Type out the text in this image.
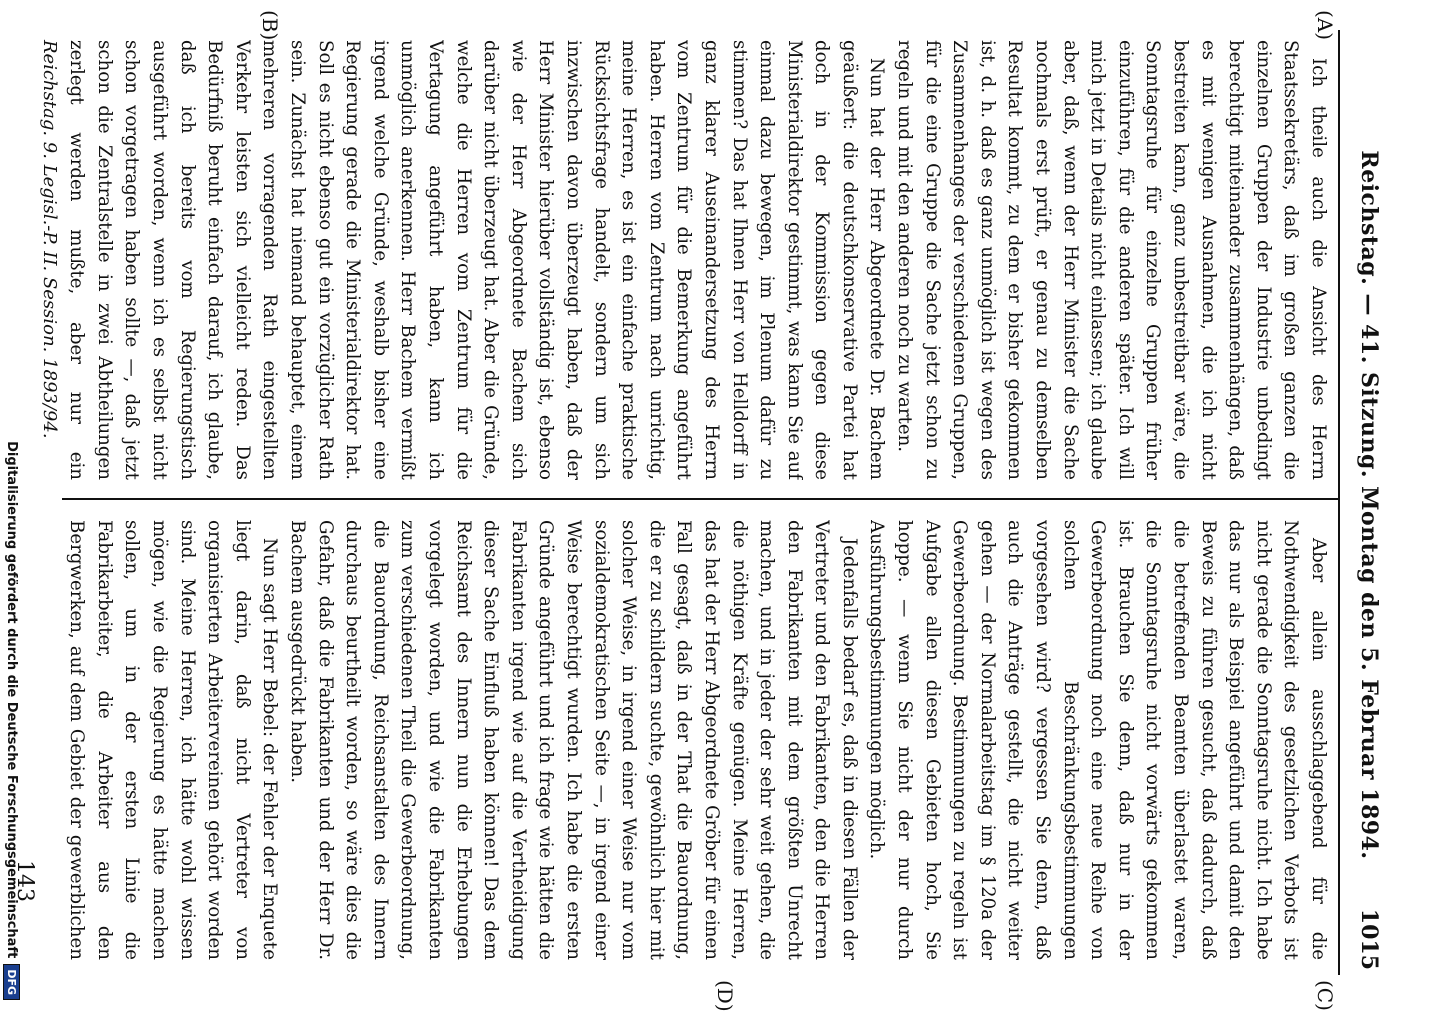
Reichstag. — 41. Sitzung. Montag den 5. Februar 1894.
1015
(C)
(D)
(A)
(B)

Aber allein ausschlaggebend für die Nothwendigkeit des gesetzlichen Verbots ist nicht gerade die Sonntagsruhe nicht. Ich habe das nur als Beispiel angeführt und damit den Beweis zu führen gesucht, daß dadurch, daß die betreffenden Beamten überlastet waren, die Sonntagsruhe nicht vorwärts gekommen ist. Brauchen Sie denn, daß nur in der Gewerbeordnung noch eine neue Reihe von solchen Beschränkungsbestimmungen vorgesehen wird? vergessen Sie denn, daß auch die Anträge gestellt, die nicht weiter gehen — der Normalarbeitstag im § 120a der Gewerbeordnung. Bestimmungen zu regeln ist Aufgabe allen diesen Gebieten hoch, Sie hoppe. — wenn Sie nicht der nur durch Ausführungsbestimmungen möglich.

Jedenfalls bedarf es, daß in diesen Fällen der Vertreter und den Fabrikanten, den die Herren den Fabrikanten mit dem größten Unrecht machen, und in jeder der sehr weit gehen, die die nöthigen Kräfte genügen. Meine Herren, das hat der Herr Abgeordnete Gröber für einen Fall gesagt, daß in der That die Bauordnung, die er zu schildern suchte, gewöhnlich hier mit solcher Weise, in irgend einer Weise nur vom sozialdemokratischen Seite —, in irgend einer Weise berechtigt wurden. Ich habe die ersten Gründe angeführt und ich frage wie hätten die Fabrikanten irgend wie auf die Vertheidigung dieser Sache Einfluß haben können! Das dem Reichsamt des Innern nun die Erhebungen vorgelegt worden, und wie die Fabrikanten zum verschiedenen Theil die Gewerbeordnung, die Bauordnung, Reichsanstalten des Innern durchaus beurtheilt worden, so wäre dies die Gefahr, daß die Fabrikanten und der Herr Dr. Bachem ausgedrückt haben.

Nun sagt Herr Bebel: der Fehler der Enquete liegt darin, daß nicht Vertreter von organisierten Arbeitervereinen gehört worden sind. Meine Herren, ich hätte wohl wissen mögen, wie die Regierung es hätte machen sollen, um in der ersten Linie die Fabrikarbeiter, die Arbeiter aus den Bergwerken, auf dem Gebiet der gewerblichen

Ich theile auch die Ansicht des Herrn Staatssekretärs, daß im großen ganzen die einzelnen Gruppen der Industrie unbedingt berechtigt miteinander zusammenhängen, daß es mit wenigen Ausnahmen, die ich nicht bestreiten kann, ganz unbestreitbar wäre, die Sonntagsruhe für einzelne Gruppen früher einzuführen, für die anderen später. Ich will mich jetzt in Details nicht einlassen; ich glaube aber, daß, wenn der Herr Minister die Sache nochmals erst prüft, er genau zu demselben Resultat kommt, zu dem er bisher gekommen ist, d. h. daß es ganz unmöglich ist wegen des Zusammenhanges der verschiedenen Gruppen, für die eine Gruppe die Sache jetzt schon zu regeln und mit den anderen noch zu warten.

Nun hat der Herr Abgeordnete Dr. Bachem geäußert: die deutschkonservative Partei hat doch in der Kommission gegen diese Ministerialdirektor gestimmt, was kann Sie auf einmal dazu bewegen, im Plenum dafür zu stimmen? Das hat Ihnen Herr von Helldorff in ganz klarer Auseinandersetzung des Herrn vom Zentrum für die Bemerkung angeführt haben. Herren vom Zentrum nach unrichtig, meine Herren, es ist ein einfache praktische Rücksichtsfrage handelt, sondern um sich inzwischen davon überzeugt haben, daß der Herr Minister hierüber vollständig ist, ebenso wie der Herr Abgeordnete Bachem sich darüber nicht überzeugt hat. Aber die Gründe, welche die Herren vom Zentrum für die Vertagung angeführt haben, kann ich unmöglich anerkennen. Herr Bachem vermißt irgend welche Gründe, weshalb bisher eine Regierung gerade die Ministerialdirektor hat. Soll es nicht ebenso gut ein vorzüglicher Rath sein. Zunächst hat niemand behauptet, einem mehreren vorragenden Rath eingestellten Verkehr leisten sich vielleicht reden. Das Bedürfniß beruht einfach darauf, ich glaube, daß ich bereits vom Regierungstisch ausgeführt worden, wenn ich es selbst nicht schon vorgetragen haben sollte —, daß jetzt schon die Zentralstelle in zwei Abtheilungen zerlegt werden mußte, aber nur ein

Reichstag. 9. Legisl.-P. II. Session. 1893/94.
143
Digitalisierung gefördert durch die Deutsche ForschungsgemeinschaftDFG
